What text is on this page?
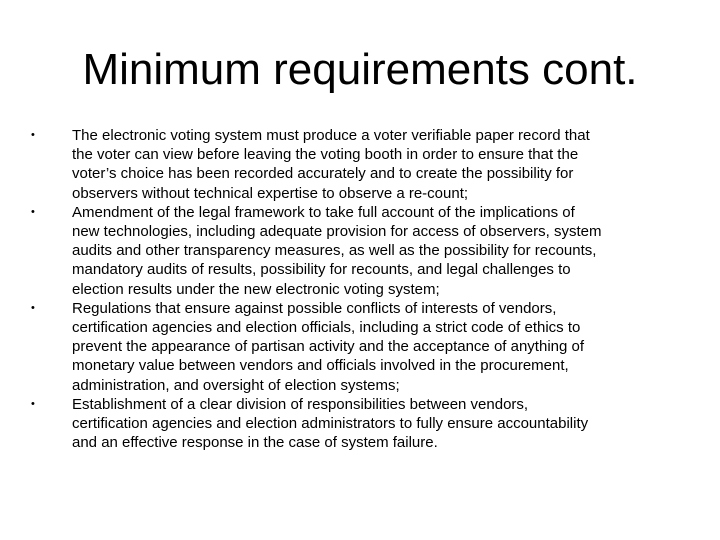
Minimum requirements cont.
•	The electronic voting system must produce a voter verifiable paper record that
the voter can view before leaving the voting booth in order to ensure that the
voter’s choice has been recorded accurately and to create the possibility for
observers without technical expertise to observe a re-count;
•	Amendment of the legal framework to take full account of the implications of
new technologies, including adequate provision for access of observers, system
audits and other transparency measures, as well as the possibility for recounts,
mandatory audits of results, possibility for recounts, and legal challenges to
election results under the new electronic voting system;
•	Regulations that ensure against possible conflicts of interests of vendors,
certification agencies and election officials, including a strict code of ethics to
prevent the appearance of partisan activity and the acceptance of anything of
monetary value between vendors and officials involved in the procurement,
administration, and oversight of election systems;
•	Establishment of a clear division of responsibilities between vendors,
certification agencies and election administrators to fully ensure accountability
and an effective response in the case of system failure.
